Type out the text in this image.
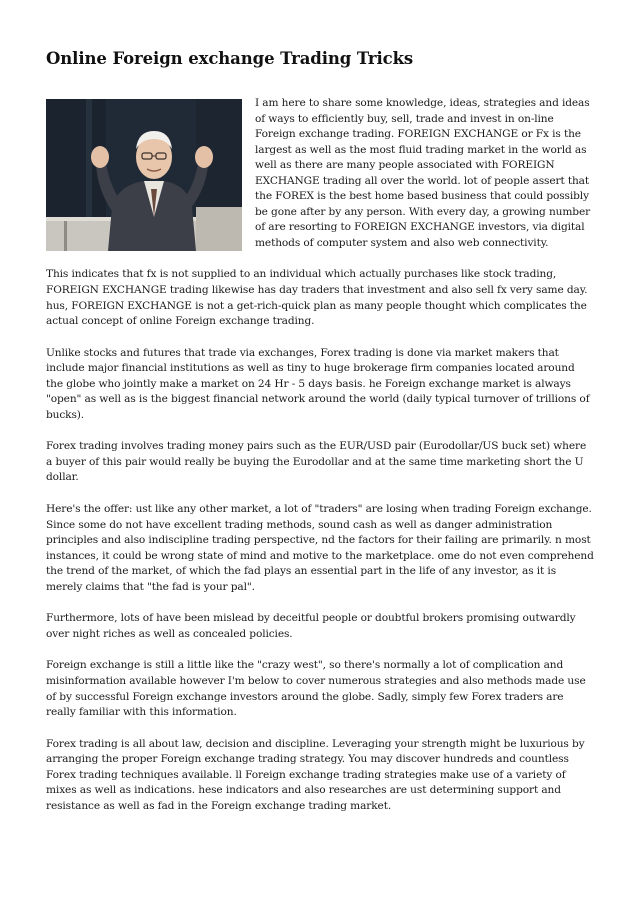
Online Foreign exchange Trading Tricks

I am here to share some knowledge, ideas, strategies and ideas of ways to efficiently buy, sell, trade and invest in on-line Foreign exchange trading. FOREIGN EXCHANGE or Fx is the largest as well as the most fluid trading market in the world as well as there are many people associated with FOREIGN EXCHANGE trading all over the world. lot of people assert that the FOREX is the best home based business that could possibly be gone after by any person. With every day, a growing number of are resorting to FOREIGN EXCHANGE investors, via digital methods of computer system and also web connectivity.

This indicates that fx is not supplied to an individual which actually purchases like stock trading, FOREIGN EXCHANGE trading likewise has day traders that investment and also sell fx very same day. hus, FOREIGN EXCHANGE is not a get-rich-quick plan as many people thought which complicates the actual concept of online Foreign exchange trading.

Unlike stocks and futures that trade via exchanges, Forex trading is done via market makers that include major financial institutions as well as tiny to huge brokerage firm companies located around the globe who jointly make a market on 24 Hr - 5 days basis. he Foreign exchange market is always "open" as well as is the biggest financial network around the world (daily typical turnover of trillions of bucks).

Forex trading involves trading money pairs such as the EUR/USD pair (Eurodollar/US buck set) where a buyer of this pair would really be buying the Eurodollar and at the same time marketing short the U dollar.

Here's the offer: ust like any other market, a lot of "traders" are losing when trading Foreign exchange. Since some do not have excellent trading methods, sound cash as well as danger administration principles and also indiscipline trading perspective, nd the factors for their failing are primarily. n most instances, it could be wrong state of mind and motive to the marketplace. ome do not even comprehend the trend of the market, of which the fad plays an essential part in the life of any investor, as it is merely claims that "the fad is your pal".

Furthermore, lots of have been mislead by deceitful people or doubtful brokers promising outwardly over night riches as well as concealed policies.

Foreign exchange is still a little like the "crazy west", so there's normally a lot of complication and misinformation available however I'm below to cover numerous strategies and also methods made use of by successful Foreign exchange investors around the globe. Sadly, simply few Forex traders are really familiar with this information.

Forex trading is all about law, decision and discipline. Leveraging your strength might be luxurious by arranging the proper Foreign exchange trading strategy. You may discover hundreds and countless Forex trading techniques available. ll Foreign exchange trading strategies make use of a variety of mixes as well as indications. hese indicators and also researches are ust determining support and resistance as well as fad in the Foreign exchange trading market.
